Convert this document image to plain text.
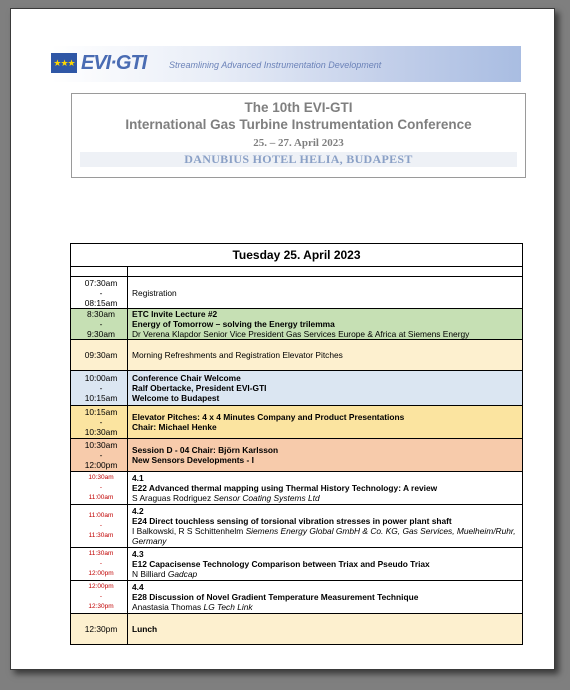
★★★ EVI·GTI	Streamlining Advanced Instrumentation Development
The 10th EVI-GTI
International Gas Turbine Instrumentation Conference
25. – 27. April 2023
DANUBIUS HOTEL HELIA, BUDAPEST
Tuesday 25. April 2023	

07:30am
-
08:15am	Registration

8:30am
-
9:30am	ETC Invite Lecture #2
Energy of Tomorrow – solving the Energy trilemma
Dr Verena Klapdor Senior Vice President Gas Services Europe & Africa at Siemens Energy

09:30am	Morning Refreshments and Registration Elevator Pitches

10:00am
-
10:15am	Conference Chair Welcome
Ralf Obertacke, President EVI-GTI
Welcome to Budapest

10:15am
-
10:30am	Elevator Pitches: 4 x 4 Minutes Company and Product Presentations
Chair: Michael Henke

10:30am
-
12:00pm	Session D - 04 Chair: Björn Karlsson
New Sensors Developments - I

10:30am
-
11:00am	4.1
E22 Advanced thermal mapping using Thermal History Technology: A review
S Araguas Rodriguez Sensor Coating Systems Ltd

11:00am
-
11:30am	4.2
E24 Direct touchless sensing of torsional vibration stresses in power plant shaft
I Balkowski, R S Schittenhelm Siemens Energy Global GmbH & Co. KG, Gas Services, Muelheim/Ruhr, Germany

11:30am
-
12:00pm	4.3
E12 Capacisense Technology Comparison between Triax and Pseudo Triax
N Billiard Gadcap

12:00pm
-
12:30pm	4.4
E28 Discussion of Novel Gradient Temperature Measurement Technique
Anastasia Thomas LG Tech Link

12:30pm	Lunch
